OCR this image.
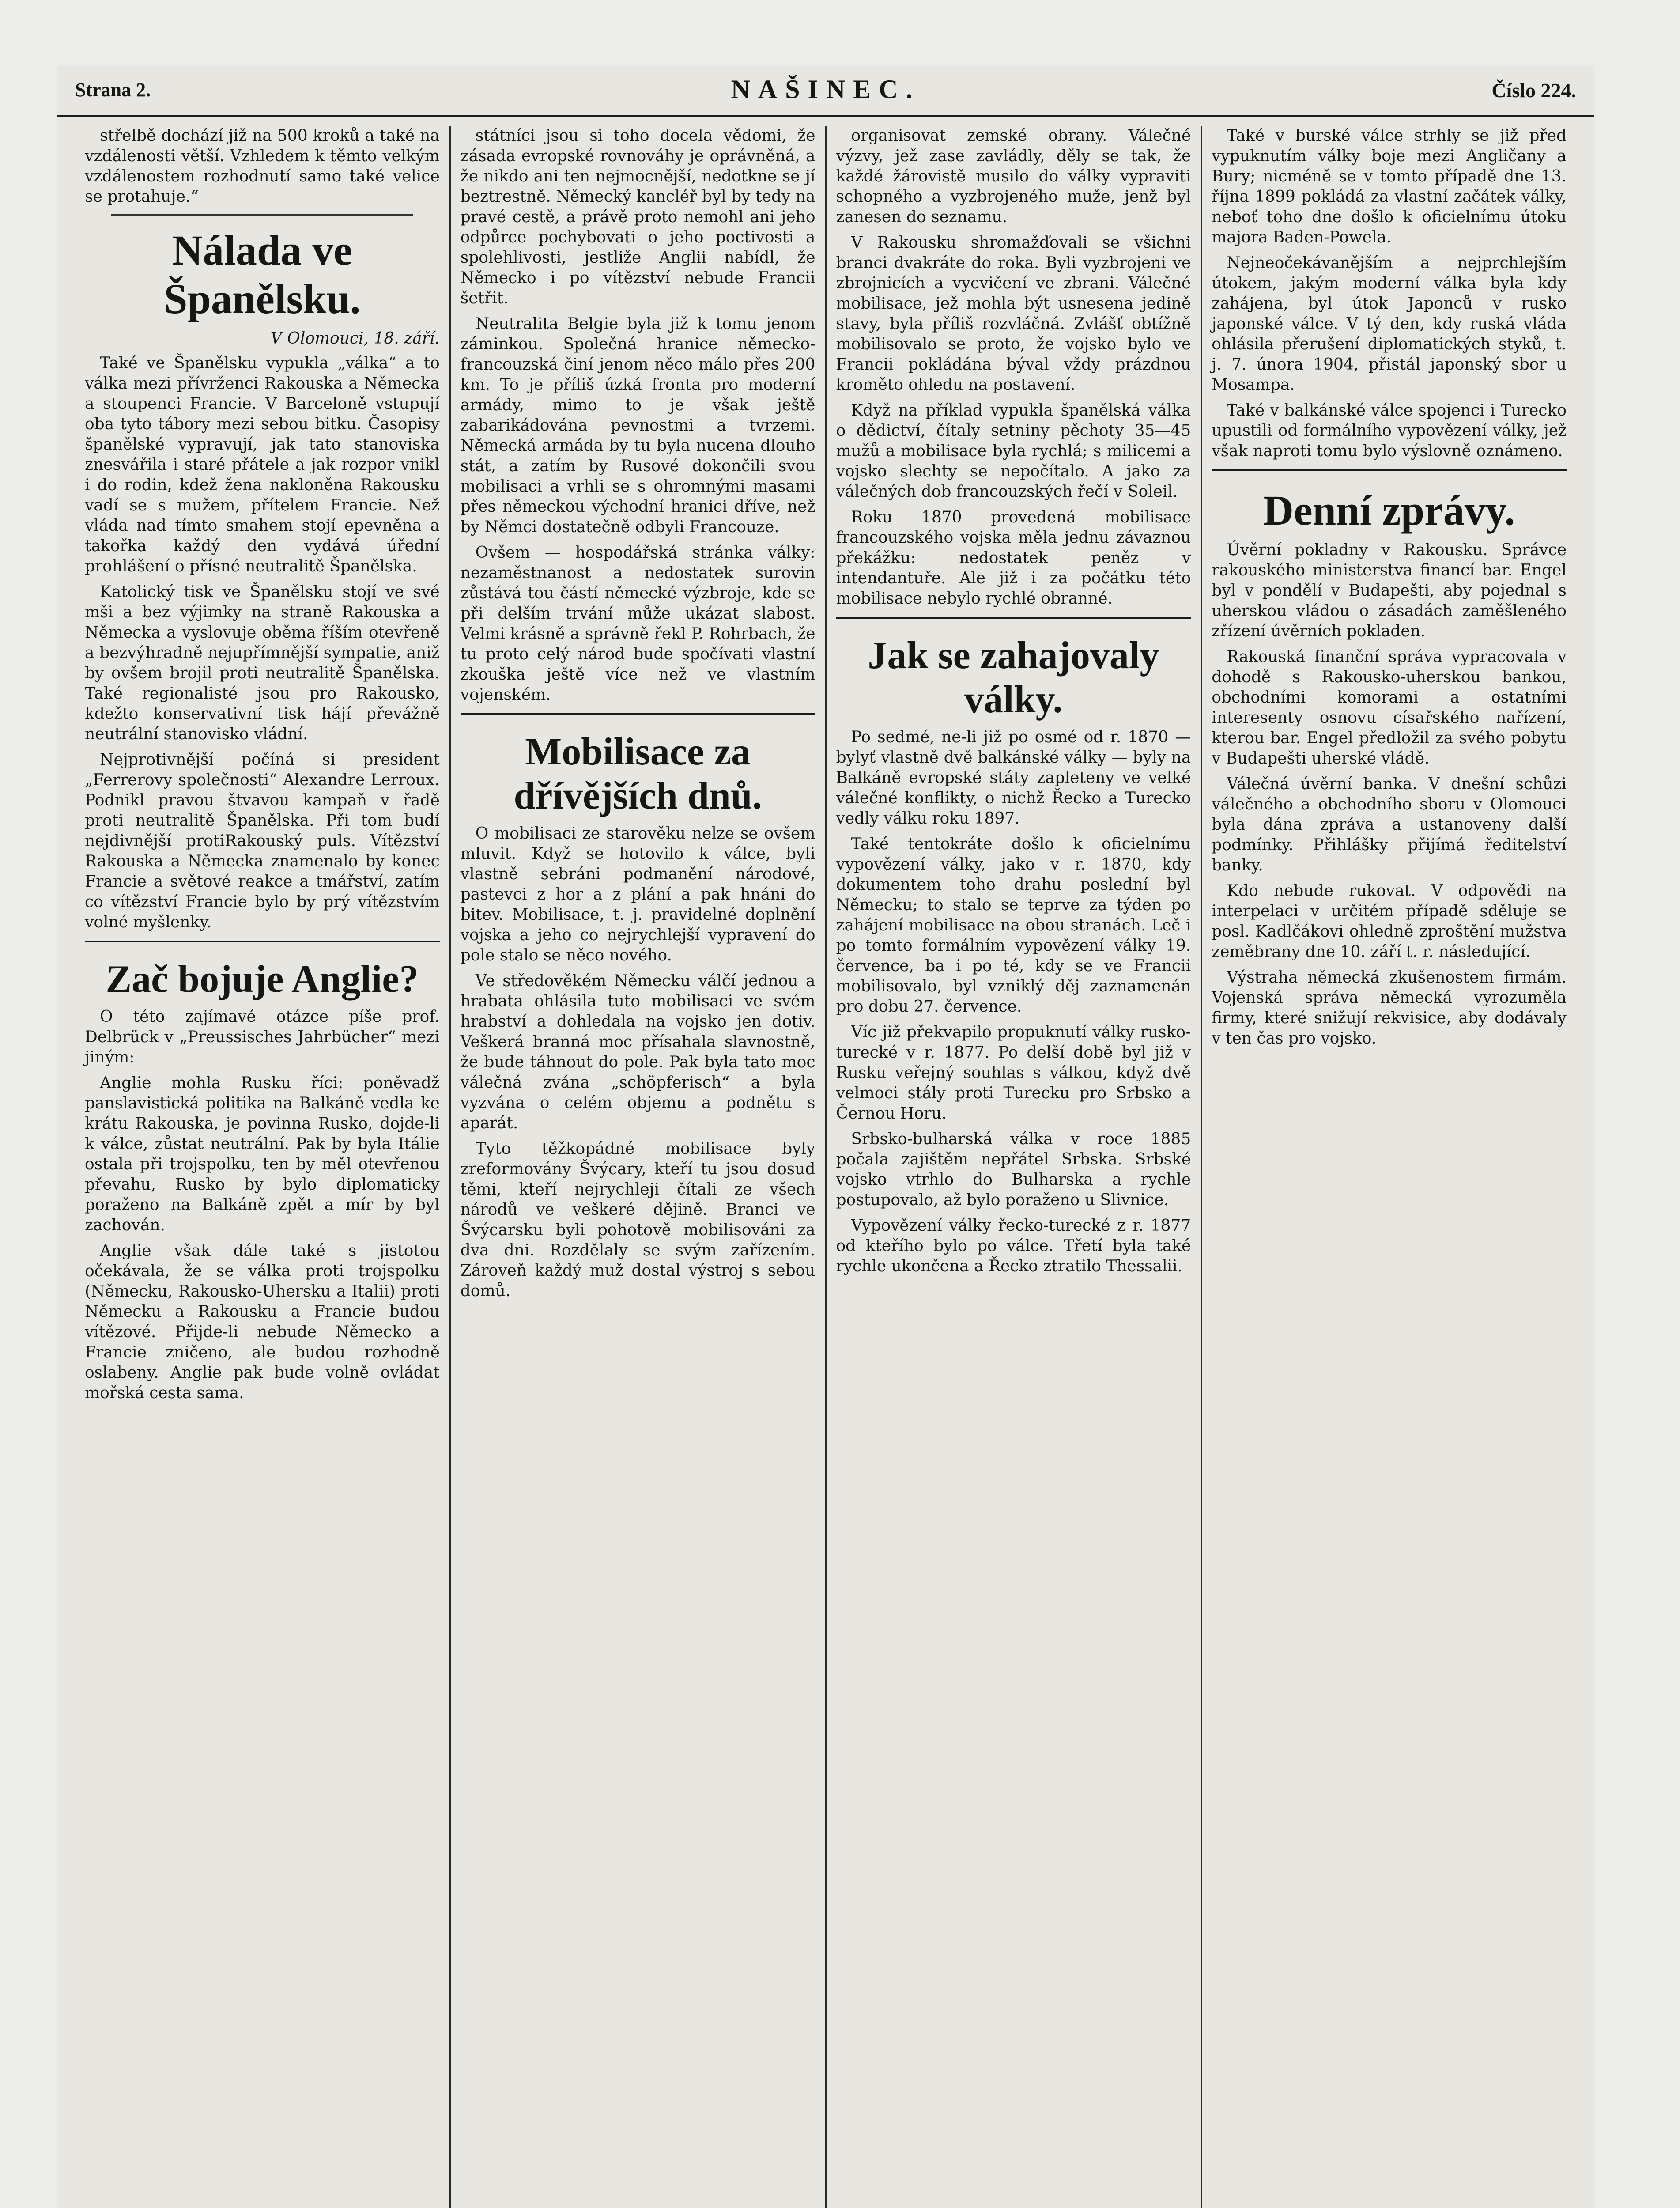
Strana 2.	NAŠINEC.	Číslo 224.

střelbě dochází již na 500 kroků a také na vzdálenosti větší. Vzhledem k těmto velkým vzdálenostem rozhodnutí samo také velice se protahuje.“

Nálada ve Španělsku.
V Olomouci, 18. září.

Také ve Španělsku vypukla „válka“ a to válka mezi přívrženci Rakouska a Německa a stoupenci Francie. V Barceloně vstupují oba tyto tábory mezi sebou bitku. Časopisy španělské vypravují, jak tato stanoviska znesvářila i staré přátele a jak rozpor vnikl i do rodin, kdež žena nakloněna Rakousku vadí se s mužem, přítelem Francie. Než vláda nad tímto smahem stojí epevněna a takořka každý den vydává úřední prohlášení o přísné neutralitě Španělska.

Katolický tisk ve Španělsku stojí ve své mši a bez výjimky na straně Rakouska a Německa a vyslovuje oběma říším otevřeně a bezvýhradně nejupřímnější sympatie, aniž by ovšem brojil proti neutralitě Španělska. Také regionalisté jsou pro Rakousko, kdežto konservativní tisk hájí převážně neutrální stanovisko vládní.

Nejprotivnější počíná si president „Ferrerovy společnosti“ Alexandre Lerroux. Podnikl pravou štvavou kampaň v řadě proti neutralitě Španělska. Při tom budí nejdivnější protiRakouský puls. Vítězství Rakouska a Německa znamenalo by konec Francie a světové reakce a tmářství, zatím co vítězství Francie bylo by prý vítězstvím volné myšlenky.

Zač bojuje Anglie?

O této zajímavé otázce píše prof. Delbrück v „Preussisches Jahrbücher“ mezi jiným:

Anglie mohla Rusku říci: poněvadž panslavistická politika na Balkáně vedla ke krátu Rakouska, je povinna Rusko, dojde-li k válce, zůstat neutrální. Pak by byla Itálie ostala při trojspolku, ten by měl otevřenou převahu, Rusko by bylo diplomaticky poraženo na Balkáně zpět a mír by byl zachován.

Anglie však dále také s jistotou očekávala, že se válka proti trojspolku (Německu, Rakousko-Uhersku a Italii) proti Německu a Rakousku a Francie budou vítězové. Přijde-li nebude Německo a Francie zničeno, ale budou rozhodně oslabeny. Anglie pak bude volně ovládat mořská cesta sama.

státníci jsou si toho docela vědomi, že zásada evropské rovnováhy je oprávněná, a že nikdo ani ten nejmocnější, nedotkne se jí beztrestně. Německý kancléř byl by tedy na pravé cestě, a právě proto nemohl ani jeho odpůrce pochybovati o jeho poctivosti a spolehlivosti, jestliže Anglii nabídl, že Německo i po vítězství nebude Francii šetřit.

Neutralita Belgie byla již k tomu jenom záminkou. Společná hranice německo-francouzská činí jenom něco málo přes 200 km. To je příliš úzká fronta pro moderní armády, mimo to je však ještě zabarikádována pevnostmi a tvrzemi. Německá armáda by tu byla nucena dlouho stát, a zatím by Rusové dokončili svou mobilisaci a vrhli se s ohromnými masami přes německou východní hranici dříve, než by Němci dostatečně odbyli Francouze.

Ovšem — hospodářská stránka války: nezaměstnanost a nedostatek surovin zůstává tou částí německé výzbroje, kde se při delším trvání může ukázat slabost. Velmi krásně a správně řekl P. Rohrbach, že tu proto celý národ bude spočívati vlastní zkouška ještě více než ve vlastním vojenském.

Mobilisace za dřívějších dnů.

O mobilisaci ze starověku nelze se ovšem mluvit. Když se hotovilo k válce, byli vlastně sebráni podmanění národové, pastevci z hor a z plání a pak hnáni do bitev. Mobilisace, t. j. pravidelné doplnění vojska a jeho co nejrychlejší vypravení do pole stalo se něco nového.

Ve středověkém Německu válčí jednou a hrabata ohlásila tuto mobilisaci ve svém hrabství a dohledala na vojsko jen dotiv. Veškerá branná moc přísahala slavnostně, že bude táhnout do pole. Pak byla tato moc válečná zvána „schöpferisch“ a byla vyzvána o celém objemu a podnětu s aparát.

Tyto těžkopádné mobilisace byly zreformovány Švýcary, kteří tu jsou dosud těmi, kteří nejrychleji čítali ze všech národů ve veškeré dějině. Branci ve Švýcarsku byli pohotově mobilisováni za dva dni. Rozdělaly se svým zařízením. Zároveň každý muž dostal výstroj s sebou domů.

organisovat zemské obrany. Válečné výzvy, jež zase zavládly, děly se tak, že každé žárovistě musilo do války vypraviti schopného a vyzbrojeného muže, jenž byl zanesen do seznamu.

V Rakousku shromažďovali se všichni branci dvakráte do roka. Byli vyzbrojeni ve zbrojnicích a vycvičení ve zbrani. Válečné mobilisace, jež mohla být usnesena jedině stavy, byla příliš rozvláčná. Zvlášť obtížně mobilisovalo se proto, že vojsko bylo ve Francii pokládána býval vždy prázdnou kroměto ohledu na postavení.

Když na příklad vypukla španělská válka o dědictví, čítaly setniny pěchoty 35—45 mužů a mobilisace byla rychlá; s milicemi a vojsko slechty se nepočítalo. A jako za válečných dob francouzských řečí v Soleil.

Roku 1870 provedená mobilisace francouzského vojska měla jednu závaznou překážku: nedostatek peněz v intendantuře. Ale již i za počátku této mobilisace nebylo rychlé obranné.

Jak se zahajovaly války.

Po sedmé, ne-li již po osmé od r. 1870 — bylyť vlastně dvě balkánské války — byly na Balkáně evropské státy zapleteny ve velké válečné konflikty, o nichž Řecko a Turecko vedly válku roku 1897.

Také tentokráte došlo k oficielnímu vypovězení války, jako v r. 1870, kdy dokumentem toho drahu poslední byl Německu; to stalo se teprve za týden po zahájení mobilisace na obou stranách. Leč i po tomto formálním vypovězení války 19. července, ba i po té, kdy se ve Francii mobilisovalo, byl vzniklý děj zaznamenán pro dobu 27. července.

Víc již překvapilo propuknutí války rusko-turecké v r. 1877. Po delší době byl již v Rusku veřejný souhlas s válkou, když dvě velmoci stály proti Turecku pro Srbsko a Černou Horu.

Srbsko-bulharská válka v roce 1885 počala zajištěm nepřátel Srbska. Srbské vojsko vtrhlo do Bulharska a rychle postupovalo, až bylo poraženo u Slivnice.

Vypovězení války řecko-turecké z r. 1877 od kteřího bylo po válce. Třetí byla také rychle ukončena a Řecko ztratilo Thessalii.

Také v burské válce strhly se již před vypuknutím války boje mezi Angličany a Bury; nicméně se v tomto případě dne 13. října 1899 pokládá za vlastní začátek války, neboť toho dne došlo k oficielnímu útoku majora Baden-Powela.

Nejneočekávanějším a nejprchlejším útokem, jakým moderní válka byla kdy zahájena, byl útok Japonců v rusko japonské válce. V tý den, kdy ruská vláda ohlásila přerušení diplomatických styků, t. j. 7. února 1904, přistál japonský sbor u Mosampa.

Také v balkánské válce spojenci i Turecko upustili od formálního vypovězení války, jež však naproti tomu bylo výslovně oznámeno.

Denní zprávy.

Úvěrní pokladny v Rakousku. Správce rakouského ministerstva financí bar. Engel byl v pondělí v Budapešti, aby pojednal s uherskou vládou o zásadách zaměšleného zřízení úvěrních pokladen.

Rakouská finanční správa vypracovala v dohodě s Rakousko-uherskou bankou, obchodními komorami a ostatními interesenty osnovu císařského nařízení, kterou bar. Engel předložil za svého pobytu v Budapešti uherské vládě.

Válečná úvěrní banka. V dnešní schůzi válečného a obchodního sboru v Olomouci byla dána zpráva a ustanoveny další podmínky. Přihlášky přijímá ředitelství banky.

Kdo nebude rukovat. V odpovědi na interpelaci v určitém případě sděluje se posl. Kadlčákovi ohledně zproštění mužstva zeměbrany dne 10. září t. r. následující.

Výstraha německá zkušenostem firmám. Vojenská správa německá vyrozuměla firmy, které snižují rekvisice, aby dodávaly v ten čas pro vojsko.
